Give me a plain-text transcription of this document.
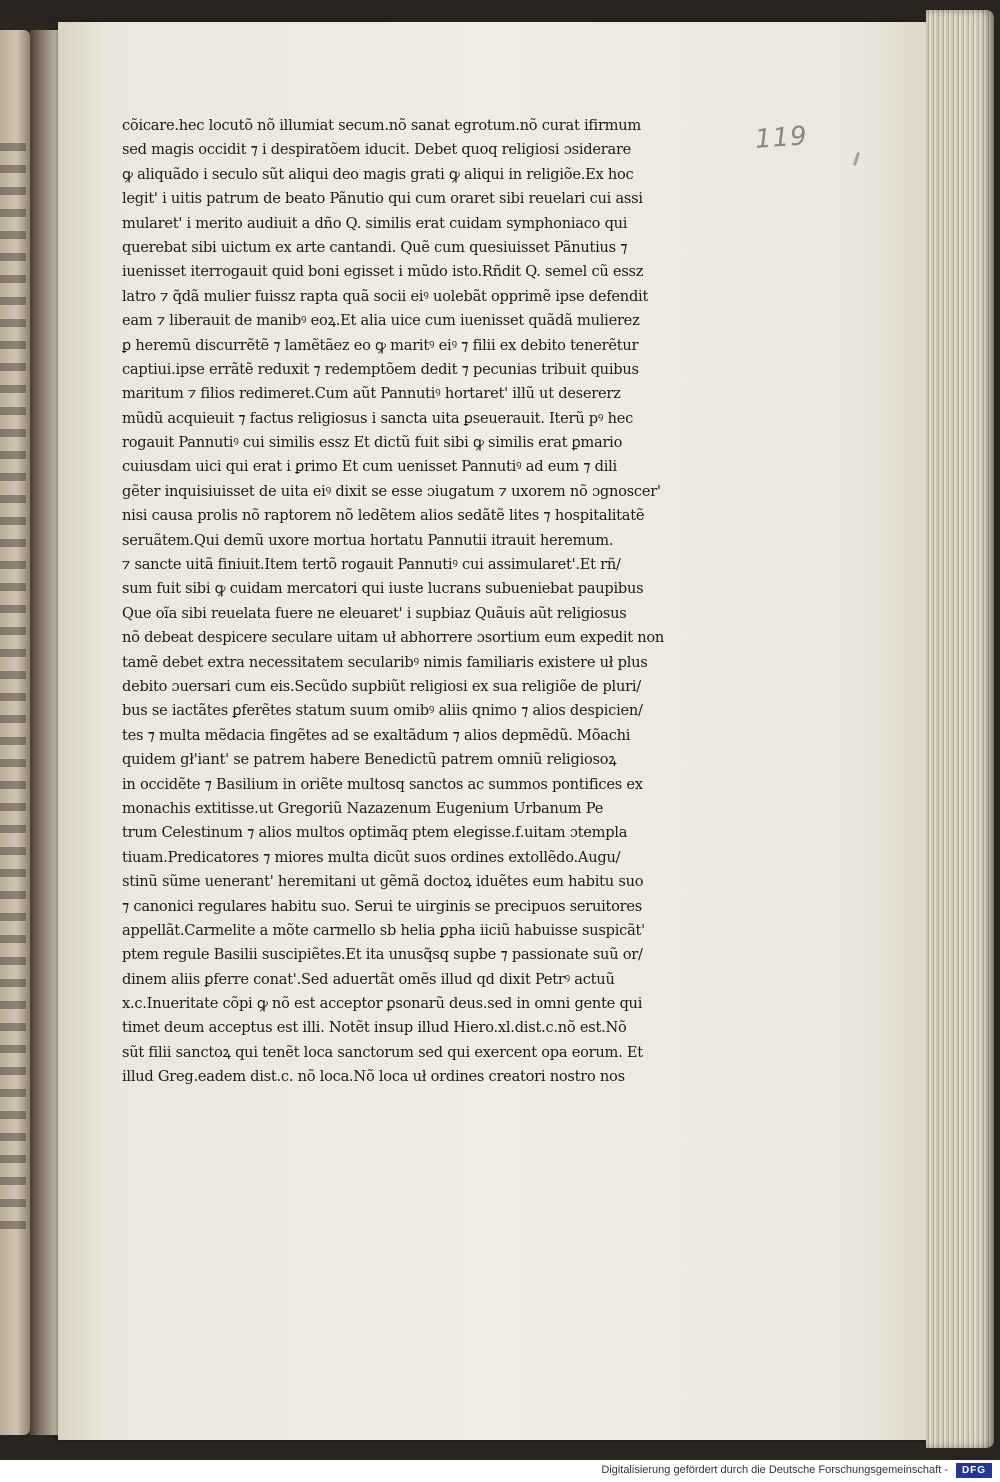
119
cõicare.hec locutõ nõ illumiat secum.nõ sanat egrotum.nõ curat ifirmum
sed magis occidit ⁊ i despiratõem iducit. Debet quoq religiosi ɔsiderare
ꝙ aliquãdo i seculo sũt aliqui deo magis grati ꝙ aliqui in religiõe.Ex hoc
legit' i uitis patrum de beato Pãnutio qui cum oraret sibi reuelari cui assi
mularet' i merito audiuit a dño Q. similis erat cuidam symphoniaco qui
querebat sibi uictum ex arte cantandi. Quẽ cum quesiuisset Pãnutius ⁊
iuenisset iterrogauit quid boni egisset i mũdo isto.Rñdit Q. semel cũ essz
latro ⁊ q̃dã mulier fuissz rapta quã socii eiꝰ uolebãt opprimẽ ipse defendit
eam ⁊ liberauit de manibꝰ eoꝝ.Et alia uice cum iuenisset quãdã mulierez
ꝑ heremũ discurrẽtẽ ⁊ lamẽtãez eo ꝙ maritꝰ eiꝰ ⁊ filii ex debito tenerẽtur
captiui.ipse errãtẽ reduxit ⁊ redemptõem dedit ⁊ pecunias tribuit quibus
maritum ⁊ filios redimeret.Cum aũt Pannutiꝰ hortaret' illũ ut desererz
mũdũ acquieuit ⁊ factus religiosus i sancta uita ꝑseuerauit. Iterũ pꝰ hec
rogauit Pannutiꝰ cui similis essz Et dictũ fuit sibi ꝙ similis erat ꝑmario
cuiusdam uici qui erat i ꝑrimo Et cum uenisset Pannutiꝰ ad eum ⁊ dili
gẽter inquisiuisset de uita eiꝰ dixit se esse ɔiugatum ⁊ uxorem nõ ɔgnoscer'
nisi causa prolis nõ raptorem nõ ledẽtem alios sedãtẽ lites ⁊ hospitalitatẽ
seruãtem.Qui demũ uxore mortua hortatu Pannutii itrauit heremum.
⁊ sancte uitã finiuit.Item tertõ rogauit Pannutiꝰ cui assimularet'.Et rñ/
sum fuit sibi ꝙ cuidam mercatori qui iuste lucrans subueniebat paupibus
Que oĩa sibi reuelata fuere ne eleuaret' i supbiaz Quãuis aũt religiosus
nõ debeat despicere seculare uitam uł abhorrere ɔsortium eum expedit non
tamẽ debet extra necessitatem secularibꝰ nimis familiaris existere uł plus
debito ɔuersari cum eis.Secũdo supbiũt religiosi ex sua religiõe de pluri/
bus se iactãtes ꝑferẽtes statum suum omibꝰ aliis qnimo ⁊ alios despicien/
tes ⁊ multa mẽdacia fingẽtes ad se exaltãdum ⁊ alios depmẽdũ. Mõachi
quidem gł'iant' se patrem habere Benedictũ patrem omniũ religiosoꝝ
in occidẽte ⁊ Basilium in oriẽte multosq sanctos ac summos pontifices ex
monachis extitisse.ut Gregoriũ Nazazenum Eugenium Urbanum Pe
trum Celestinum ⁊ alios multos optimãq ptem elegisse.f.uitam ɔtempla
tiuam.Predicatores ⁊ miores multa dicũt suos ordines extollẽdo.Augu/
stinũ sũme uenerant' heremitani ut gẽmã doctoꝝ iduẽtes eum habitu suo
⁊ canonici regulares habitu suo. Serui te uirginis se precipuos seruitores
appellãt.Carmelite a mõte carmello sb helia ꝑpha iiciũ habuisse suspicãt'
ptem regule Basilii suscipiẽtes.Et ita unusq̃sq supbe ⁊ passionate suũ or/
dinem aliis ꝑferre conat'.Sed aduertãt omẽs illud qd dixit Petrꝰ actuũ
x.c.Inueritate cõpi ꝙ nõ est acceptor ꝑsonarũ deus.sed in omni gente qui
timet deum acceptus est illi. Notẽt insup illud Hiero.xl.dist.c.nõ est.Nõ
sũt filii sanctoꝝ qui tenẽt loca sanctorum sed qui exercent opa eorum. Et
illud Greg.eadem dist.c. nõ loca.Nõ loca uł ordines creatori nostro nos
Digitalisierung gefördert durch die Deutsche Forschungsgemeinschaft -	DFG
